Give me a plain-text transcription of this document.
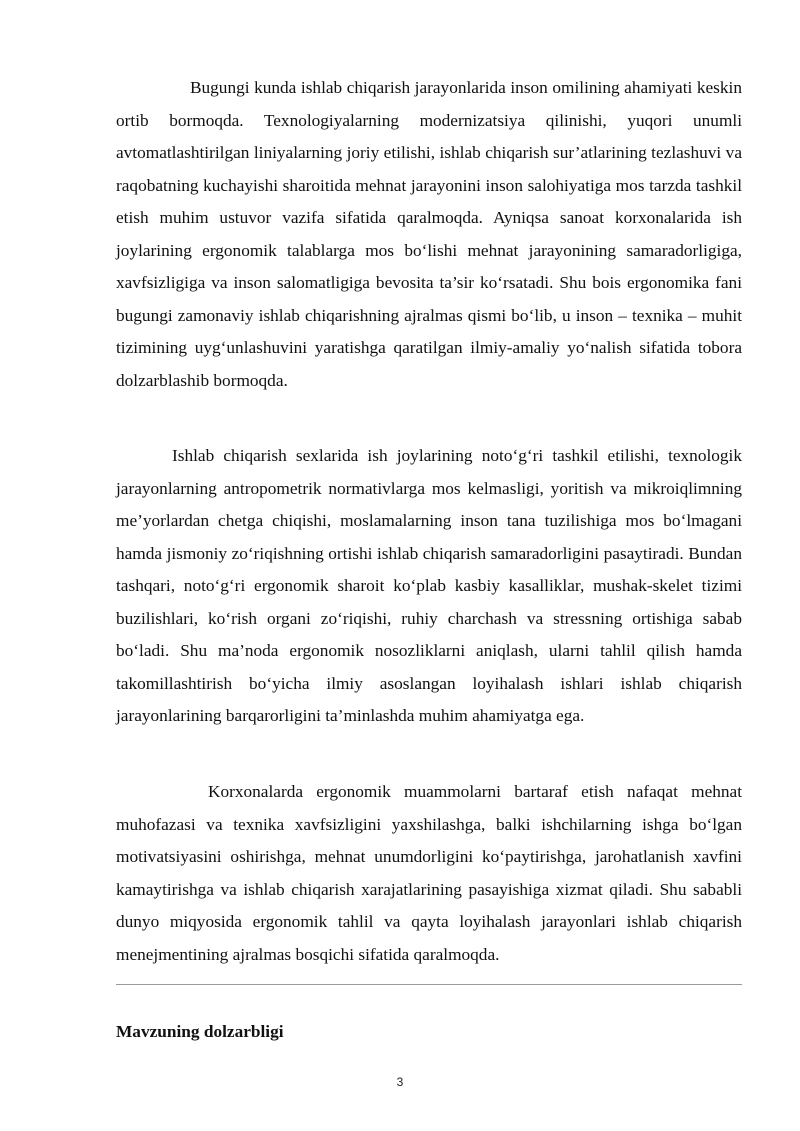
Bugungi kunda ishlab chiqarish jarayonlarida inson omilining ahamiyati keskin ortib bormoqda. Texnologiyalarning modernizatsiya qilinishi, yuqori unumli avtomatlashtirilgan liniyalarning joriy etilishi, ishlab chiqarish sur’atlarining tezlashuvi va raqobatning kuchayishi sharoitida mehnat jarayonini inson salohiyatiga mos tarzda tashkil etish muhim ustuvor vazifa sifatida qaralmoqda. Ayniqsa sanoat korxonalarida ish joylarining ergonomik talablarga mos bo‘lishi mehnat jarayonining samaradorligiga, xavfsizligiga va inson salomatligiga bevosita ta’sir ko‘rsatadi. Shu bois ergonomika fani bugungi zamonaviy ishlab chiqarishning ajralmas qismi bo‘lib, u inson – texnika – muhit tizimining uyg‘unlashuvini yaratishga qaratilgan ilmiy-amaliy yo‘nalish sifatida tobora dolzarblashib bormoqda.

Ishlab chiqarish sexlarida ish joylarining noto‘g‘ri tashkil etilishi, texnologik jarayonlarning antropometrik normativlarga mos kelmasligi, yoritish va mikroiqlimning me’yorlardan chetga chiqishi, moslamalarning inson tana tuzilishiga mos bo‘lmagani hamda jismoniy zo‘riqishning ortishi ishlab chiqarish samaradorligini pasaytiradi. Bundan tashqari, noto‘g‘ri ergonomik sharoit ko‘plab kasbiy kasalliklar, mushak-skelet tizimi buzilishlari, ko‘rish organi zo‘riqishi, ruhiy charchash va stressning ortishiga sabab bo‘ladi. Shu ma’noda ergonomik nosozliklarni aniqlash, ularni tahlil qilish hamda takomillashtirish bo‘yicha ilmiy asoslangan loyihalash ishlari ishlab chiqarish jarayonlarining barqarorligini ta’minlashda muhim ahamiyatga ega.

Korxonalarda ergonomik muammolarni bartaraf etish nafaqat mehnat muhofazasi va texnika xavfsizligini yaxshilashga, balki ishchilarning ishga bo‘lgan motivatsiyasini oshirishga, mehnat unumdorligini ko‘paytirishga, jarohatlanish xavfini kamaytirishga va ishlab chiqarish xarajatlarining pasayishiga xizmat qiladi. Shu sababli dunyo miqyosida ergonomik tahlil va qayta loyihalash jarayonlari ishlab chiqarish menejmentining ajralmas bosqichi sifatida qaralmoqda.

Mavzuning dolzarbligi
3
